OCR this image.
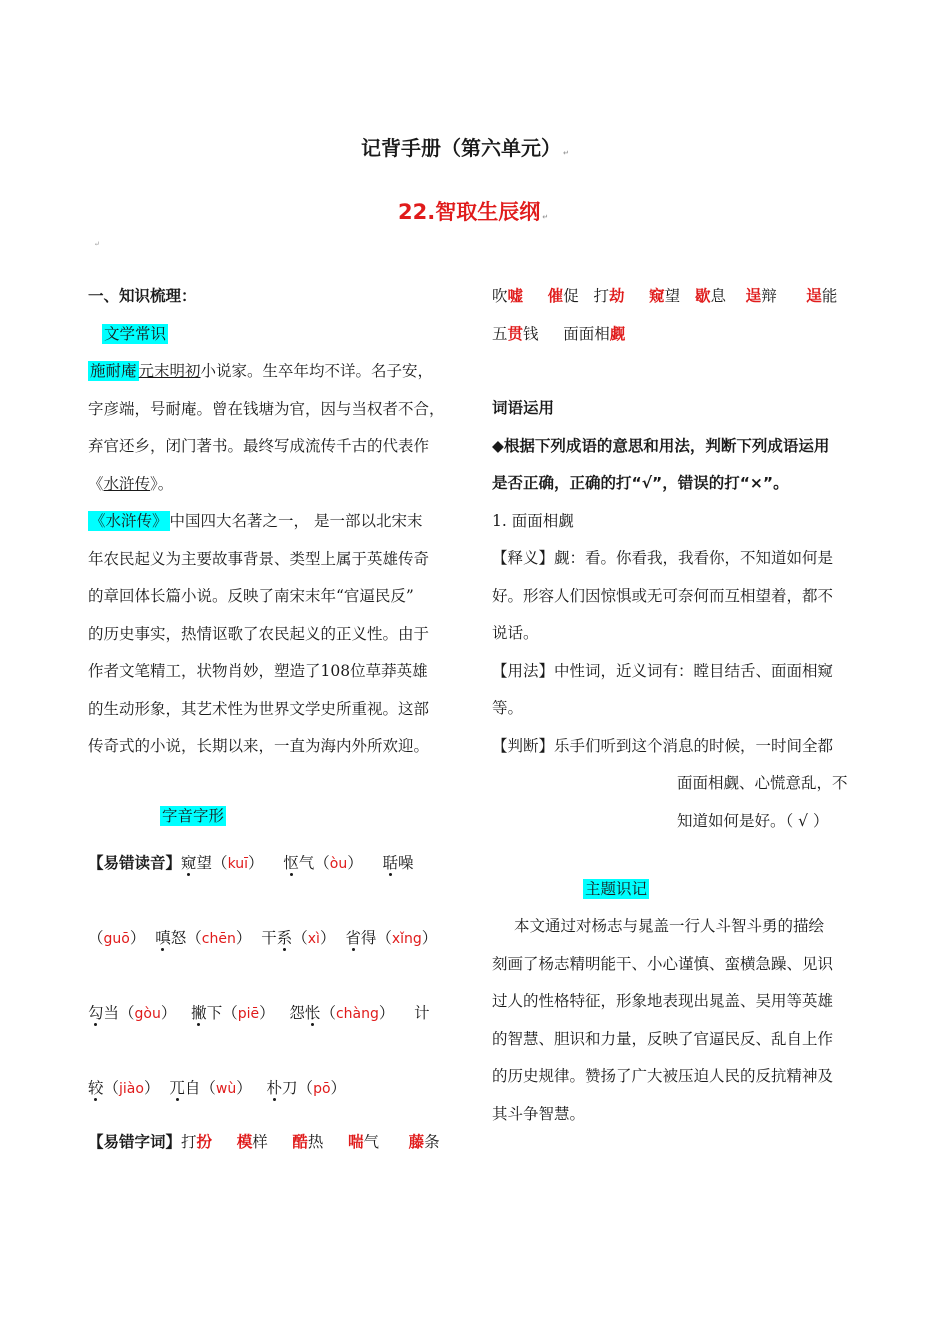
记背手册（第六单元） ↵
22.智取生辰纲 ↵
↵
一、知识梳理：
文学常识
施耐庵 元末明初小说家。生卒年均不详。名子安，
字彦端，号耐庵。曾在钱塘为官，因与当权者不合，
弃官还乡，闭门著书。最终写成流传千古的代表作
《水浒传》。
《水浒传》 中国四大名著之一， 是一部以北宋末
年农民起义为主要故事背景、类型上属于英雄传奇
的章回体长篇小说。反映了南宋末年“官逼民反”
的历史事实，热情讴歌了农民起义的正义性。由于
作者文笔精工，状物肖妙，塑造了108位草莽英雄
的生动形象，其艺术性为世界文学史所重视。这部
传奇式的小说，长期以来，一直为海内外所欢迎。
字音字形
【易错读音】窥望（kuī） 怄气（òu） 聒噪
（guō） 嗔怒（chēn） 干系（xì） 省得（xǐng）
勾当（gòu） 撇下（piē） 怨怅（chàng） 计
较（jiào） 兀自（wù） 朴刀（pō）
【易错字词】打扮 模样 酷热 喘气 藤条
吹嘘 催促 打劫 窥望 歇息 逞辩 逞能
五贯钱 面面相觑
词语运用
◆根据下列成语的意思和用法，判断下列成语运用
是否正确，正确的打“√”，错误的打“×”。
1. 面面相觑
【释义】觑：看。你看我，我看你，不知道如何是
好。形容人们因惊惧或无可奈何而互相望着，都不
说话。
【用法】中性词，近义词有：瞠目结舌、面面相窥
等。
【判断】乐手们听到这个消息的时候，一时间全都
面面相觑、心慌意乱，不
知道如何是好。（ √ ）
主题识记
本文通过对杨志与晁盖一行人斗智斗勇的描绘
刻画了杨志精明能干、小心谨慎、蛮横急躁、见识
过人的性格特征，形象地表现出晁盖、吴用等英雄
的智慧、胆识和力量，反映了官逼民反、乱自上作
的历史规律。赞扬了广大被压迫人民的反抗精神及
其斗争智慧。
